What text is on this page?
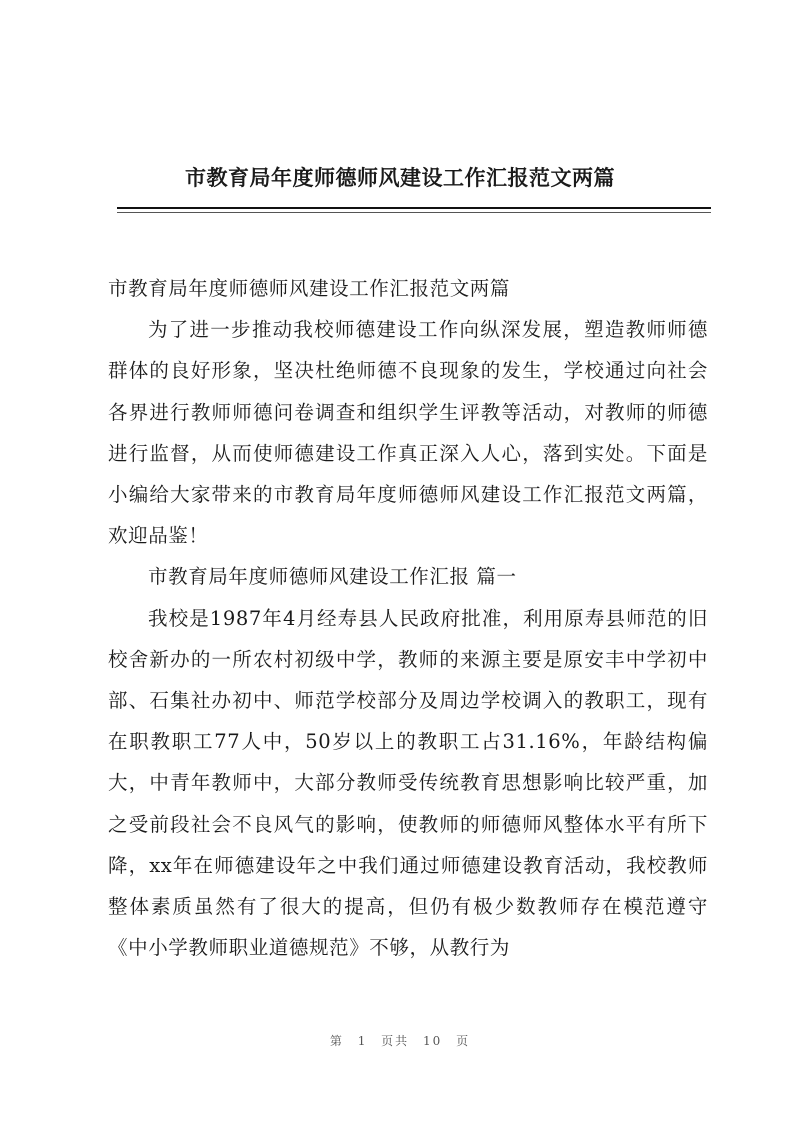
市教育局年度师德师风建设工作汇报范文两篇

市教育局年度师德师风建设工作汇报范文两篇

为了进一步推动我校师德建设工作向纵深发展，塑造教师师德群体的良好形象，坚决杜绝师德不良现象的发生，学校通过向社会各界进行教师师德问卷调查和组织学生评教等活动，对教师的师德进行监督，从而使师德建设工作真正深入人心，落到实处。下面是小编给大家带来的市教育局年度师德师风建设工作汇报范文两篇，欢迎品鉴！

市教育局年度师德师风建设工作汇报 篇一

我校是1987年4月经寿县人民政府批准，利用原寿县师范的旧校舍新办的一所农村初级中学，教师的来源主要是原安丰中学初中部、石集社办初中、师范学校部分及周边学校调入的教职工，现有在职教职工77人中，50岁以上的教职工占31.16%，年龄结构偏大，中青年教师中，大部分教师受传统教育思想影响比较严重，加之受前段社会不良风气的影响，使教师的师德师风整体水平有所下降，xx年在师德建设年之中我们通过师德建设教育活动，我校教师整体素质虽然有了很大的提高，但仍有极少数教师存在模范遵守《中小学教师职业道德规范》不够，从教行为

第 1 页共 10 页
